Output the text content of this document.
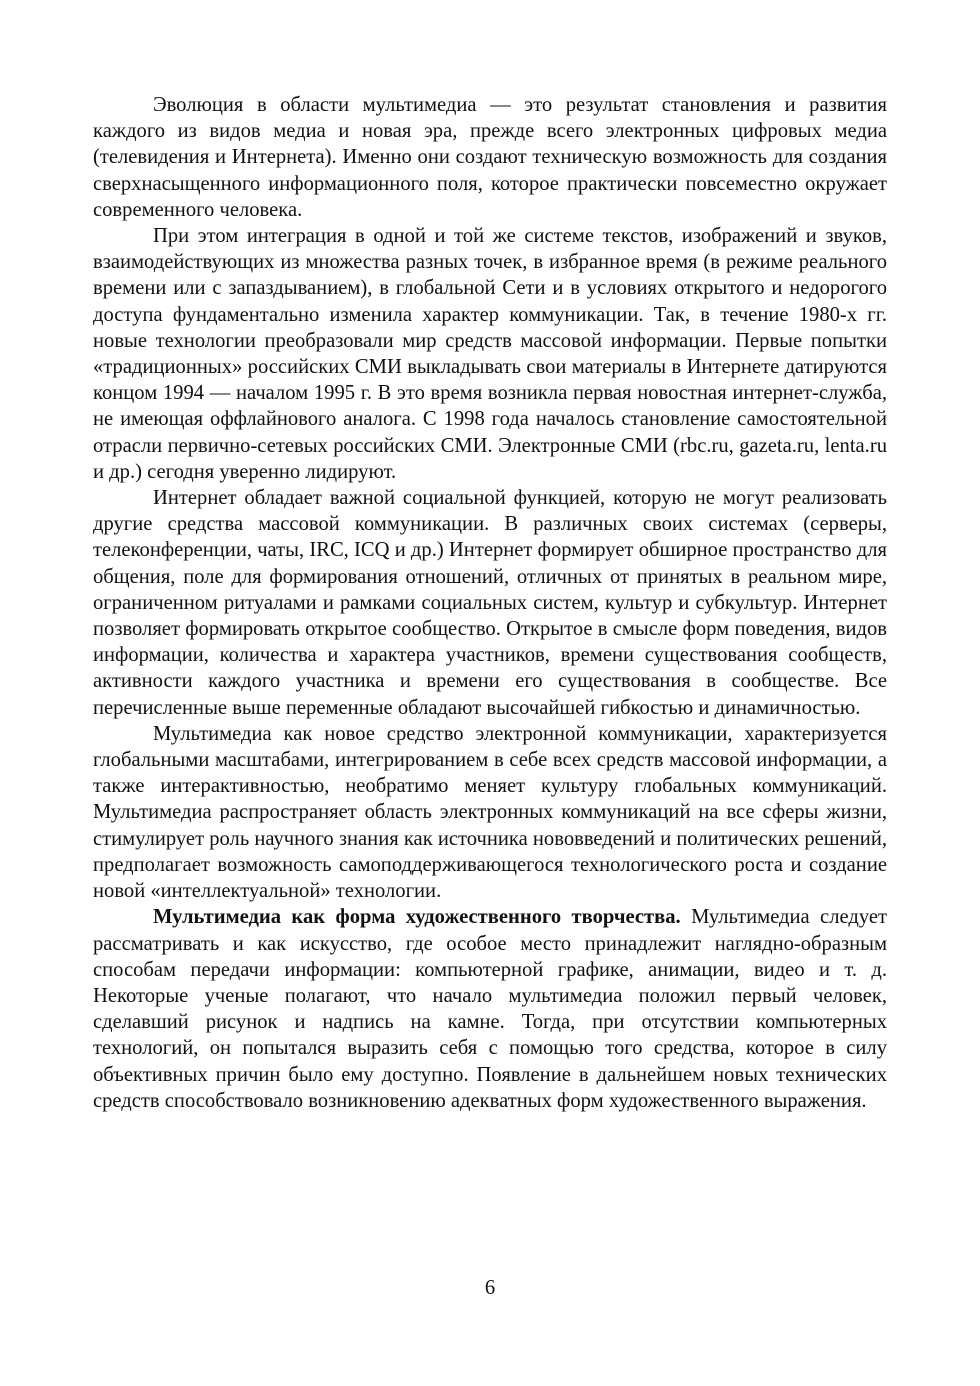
Эволюция в области мультимедиа — это результат становления и развития каждого из видов медиа и новая эра, прежде всего электронных цифровых медиа (телевидения и Интернета). Именно они создают техническую возможность для создания сверхнасыщенного информационного поля, которое практически повсеместно окружает современного человека.

При этом интеграция в одной и той же системе текстов, изображений и звуков, взаимодействующих из множества разных точек, в избранное время (в режиме реального времени или с запаздыванием), в глобальной Сети и в условиях открытого и недорогого доступа фундаментально изменила характер коммуникации. Так, в течение 1980-х гг. новые технологии преобразовали мир средств массовой информации. Первые попытки «традиционных» российских СМИ выкладывать свои материалы в Интернете датируются концом 1994 — началом 1995 г. В это время возникла первая новостная интернет-служба, не имеющая оффлайнового аналога. С 1998 года началось становление самостоятельной отрасли первично-сетевых российских СМИ. Электронные СМИ (rbc.ru, gazeta.ru, lenta.ru и др.) сегодня уверенно лидируют.

Интернет обладает важной социальной функцией, которую не могут реализовать другие средства массовой коммуникации. В различных своих системах (серверы, телеконференции, чаты, IRC, ICQ и др.) Интернет формирует обширное пространство для общения, поле для формирования отношений, отличных от принятых в реальном мире, ограниченном ритуалами и рамками социальных систем, культур и субкультур. Интернет позволяет формировать открытое сообщество. Открытое в смысле форм поведения, видов информации, количества и характера участников, времени существования сообществ, активности каждого участника и времени его существования в сообществе. Все перечисленные выше переменные обладают высочайшей гибкостью и динамичностью.

Мультимедиа как новое средство электронной коммуникации, характеризуется глобальными масштабами, интегрированием в себе всех средств массовой информации, а также интерактивностью, необратимо меняет культуру глобальных коммуникаций. Мультимедиа распространяет область электронных коммуникаций на все сферы жизни, стимулирует роль научного знания как источника нововведений и политических решений, предполагает возможность самоподдерживающегося технологического роста и создание новой «интеллектуальной» технологии.

Мультимедиа как форма художественного творчества. Мультимедиа следует рассматривать и как искусство, где особое место принадлежит наглядно-образным способам передачи информации: компьютерной графике, анимации, видео и т. д. Некоторые ученые полагают, что начало мультимедиа положил первый человек, сделавший рисунок и надпись на камне. Тогда, при отсутствии компьютерных технологий, он попытался выразить себя с помощью того средства, которое в силу объективных причин было ему доступно. Появление в дальнейшем новых технических средств способствовало возникновению адекватных форм художественного выражения.

6
